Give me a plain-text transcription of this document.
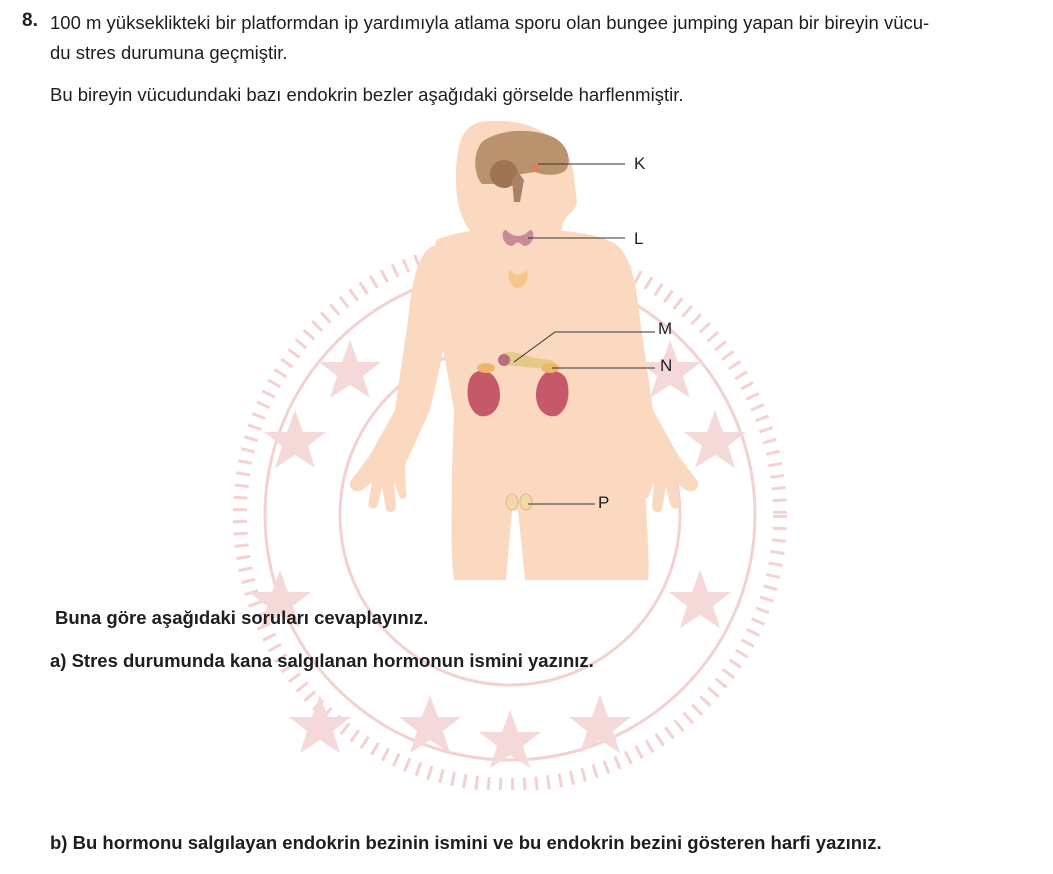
8. 100 m yükseklikteki bir platformdan ip yardımıyla atlama sporu olan bungee jumping yapan bir bireyin vücu-
du stres durumuna geçmiştir.
Bu bireyin vücudundaki bazı endokrin bezler aşağıdaki görselde harflenmiştir.
K
L
M
N
P
Buna göre aşağıdaki soruları cevaplayınız.
a) Stres durumunda kana salgılanan hormonun ismini yazınız.
b) Bu hormonu salgılayan endokrin bezinin ismini ve bu endokrin bezini gösteren harfi yazınız.
